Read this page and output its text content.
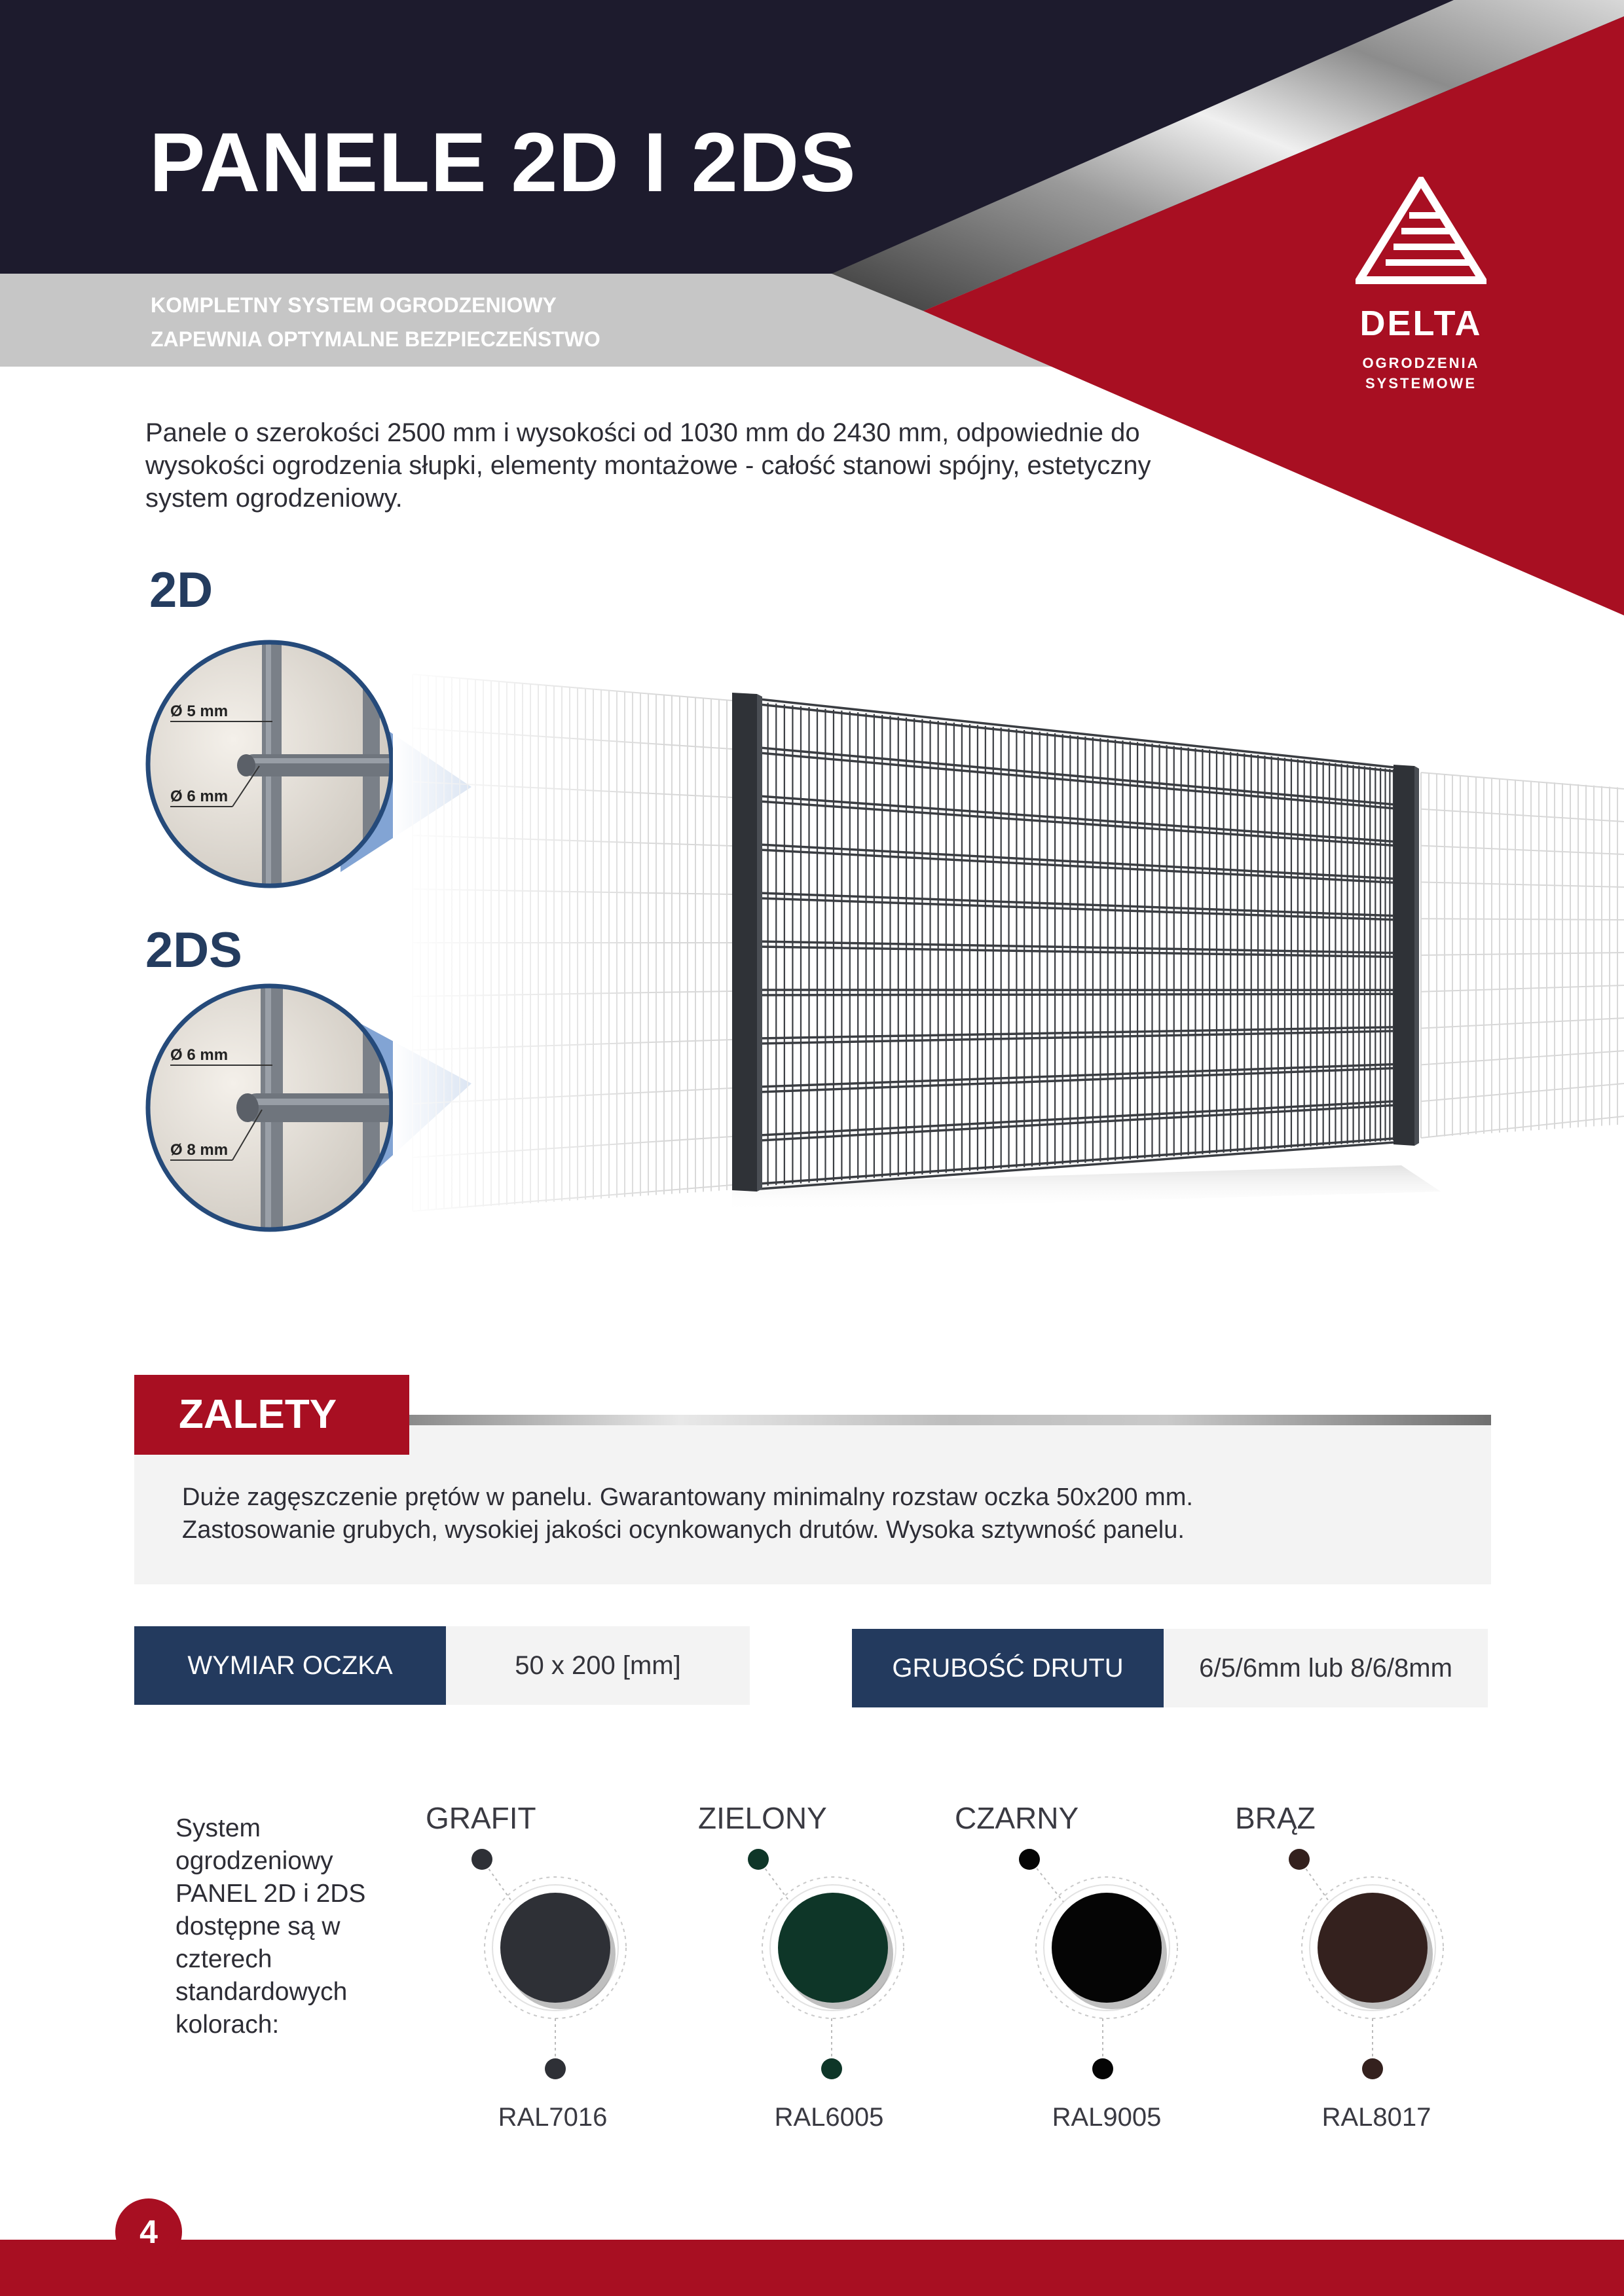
PANELE 2D I 2DS
KOMPLETNY SYSTEM OGRODZENIOWY
ZAPEWNIA OPTYMALNE BEZPIECZEŃSTWO	DELTA
OGRODZENIA
SYSTEMOWE
Panele o szerokości 2500 mm i wysokości od 1030 mm do 2430 mm, odpowiednie do wysokości ogrodzenia słupki, elementy montażowe - całość stanowi spójny, estetyczny system ogrodzeniowy.
2D
2DS
Ø 5 mm
Ø 6 mm
Ø 6 mm
Ø 8 mm
ZALETY
Duże zagęszczenie prętów w panelu. Gwarantowany minimalny rozstaw oczka 50x200 mm.
Zastosowanie grubych, wysokiej jakości ocynkowanych drutów. Wysoka sztywność panelu.
WYMIAR OCZKA	50 x 200 [mm]	GRUBOŚĆ DRUTU	6/5/6mm lub 8/6/8mm
System ogrodzeniowy PANEL 2D i 2DS dostępne są w czterech standardowych kolorach:
GRAFIT	ZIELONY	CZARNY	BRĄZ
RAL7016	RAL6005	RAL9005	RAL8017
4
